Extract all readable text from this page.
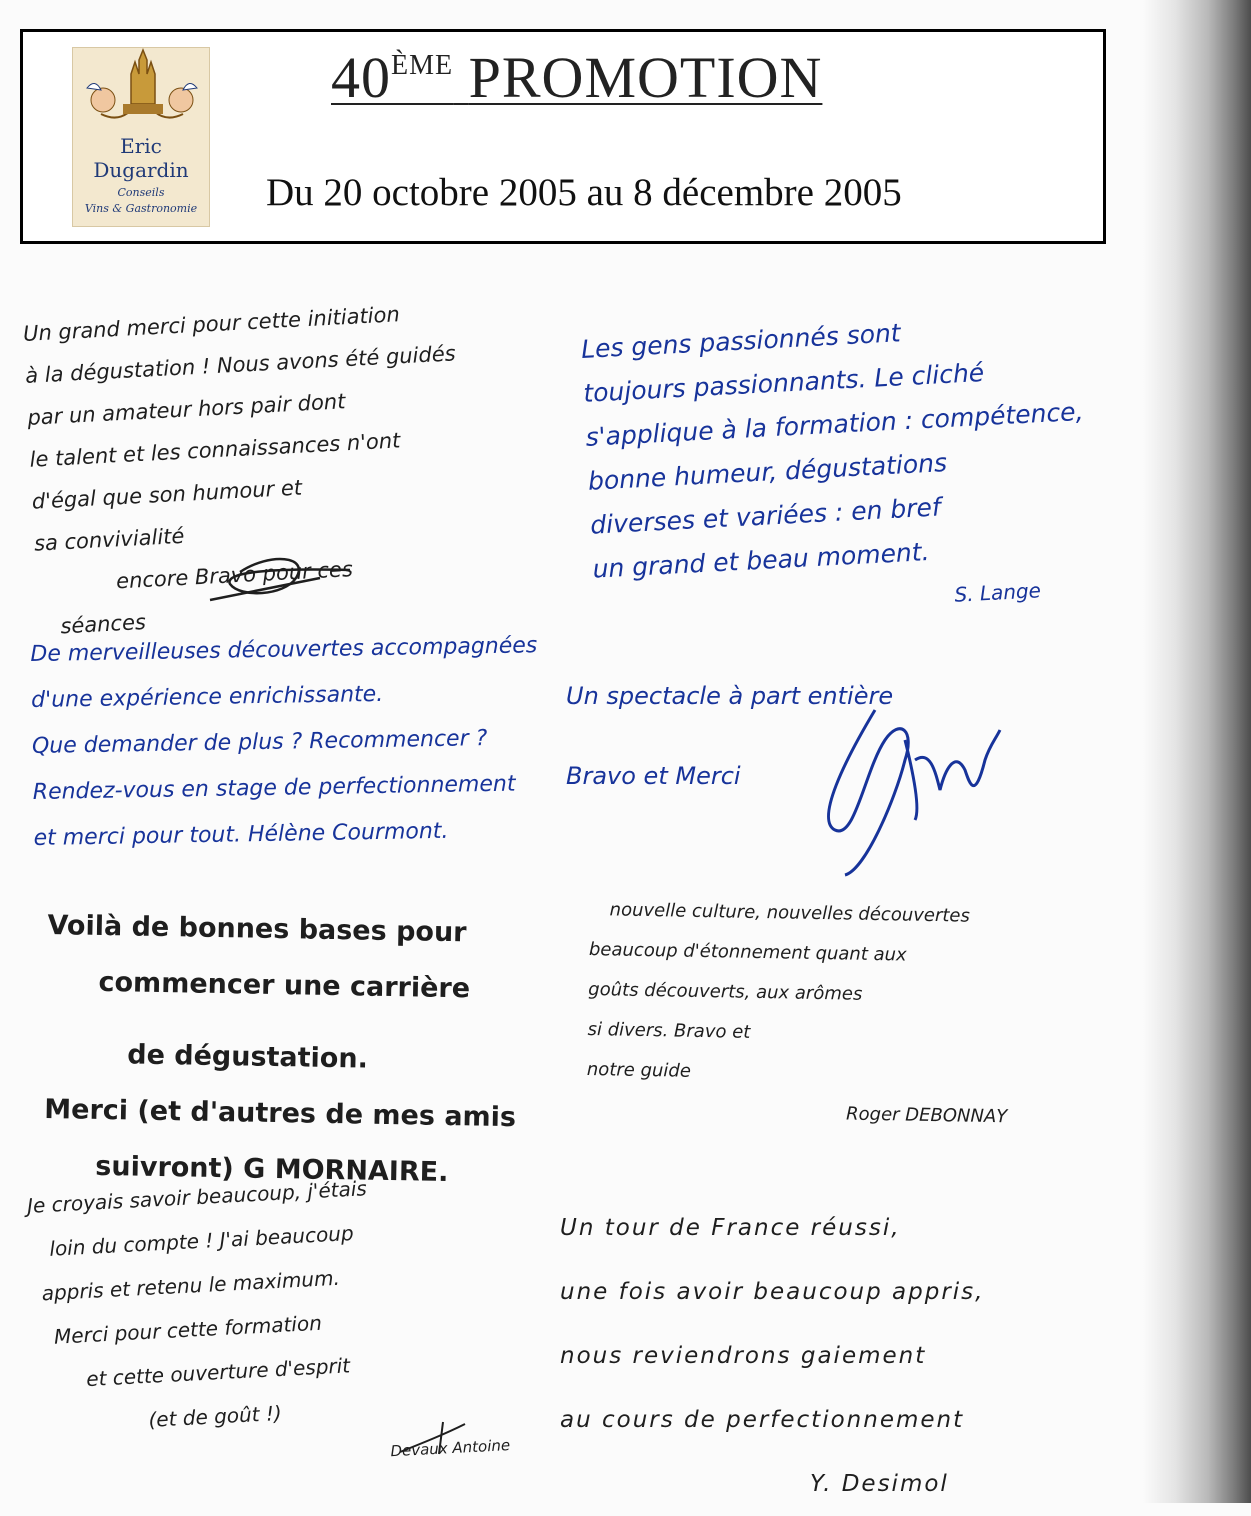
Eric
Dugardin
Conseils
Vins & Gastronomie
40ÈME PROMOTION
Du 20 octobre 2005 au 8 décembre 2005
Un grand merci pour cette initiation
à la dégustation ! Nous avons été guidés
par un amateur hors pair dont
le talent et les connaissances n'ont
d'égal que son humour et
sa convivialité
encore Bravo pour ces
séances
Les gens passionnés sont
toujours passionnants. Le cliché
s'applique à la formation : compétence,
bonne humeur, dégustations
diverses et variées : en bref
un grand et beau moment.
S. Lange
De merveilleuses découvertes accompagnées
d'une expérience enrichissante.
Que demander de plus ? Recommencer ?
Rendez-vous en stage de perfectionnement
et merci pour tout. Hélène Courmont.
Un spectacle à part entière
Bravo et Merci
Voilà de bonnes bases pour
commencer une carrière
de dégustation.
Merci (et d'autres de mes amis
suivront) G MORNAIRE.
nouvelle culture, nouvelles découvertes
beaucoup d'étonnement quant aux
goûts découverts, aux arômes
si divers. Bravo et
notre guide
Roger DEBONNAY
Je croyais savoir beaucoup, j'étais
loin du compte ! J'ai beaucoup
appris et retenu le maximum.
Merci pour cette formation
et cette ouverture d'esprit
(et de goût !)
Devaux Antoine
Un tour de France réussi,
une fois avoir beaucoup appris,
nous reviendrons gaiement
au cours de perfectionnement
Y. Desimol
